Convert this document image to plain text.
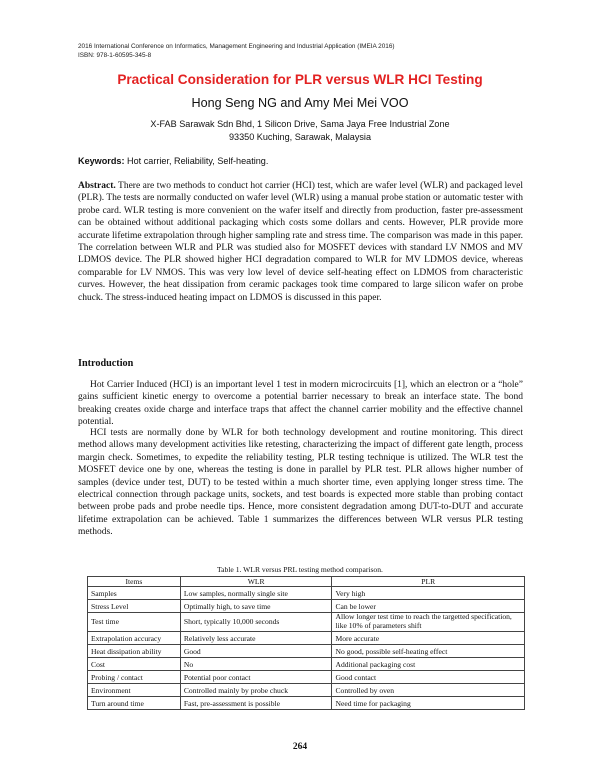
2016 International Conference on Informatics, Management Engineering and Industrial Application (IMEIA 2016)
ISBN: 978-1-60595-345-8
Practical Consideration for PLR versus WLR HCI Testing
Hong Seng NG and Amy Mei Mei VOO
X-FAB Sarawak Sdn Bhd, 1 Silicon Drive, Sama Jaya Free Industrial Zone
93350 Kuching, Sarawak, Malaysia
Keywords: Hot carrier, Reliability, Self-heating.
Abstract. There are two methods to conduct hot carrier (HCI) test, which are wafer level (WLR) and packaged level (PLR). The tests are normally conducted on wafer level (WLR) using a manual probe station or automatic tester with probe card. WLR testing is more convenient on the wafer itself and directly from production, faster pre-assessment can be obtained without additional packaging which costs some dollars and cents. However, PLR provide more accurate lifetime extrapolation through higher sampling rate and stress time. The comparison was made in this paper. The correlation between WLR and PLR was studied also for MOSFET devices with standard LV NMOS and MV LDMOS device. The PLR showed higher HCI degradation compared to WLR for MV LDMOS device, whereas comparable for LV NMOS. This was very low level of device self-heating effect on LDMOS from characteristic curves. However, the heat dissipation from ceramic packages took time compared to large silicon wafer on probe chuck. The stress-induced heating impact on LDMOS is discussed in this paper.
Introduction
Hot Carrier Induced (HCI) is an important level 1 test in modern microcircuits [1], which an electron or a “hole” gains sufficient kinetic energy to overcome a potential barrier necessary to break an interface state. The bond breaking creates oxide charge and interface traps that affect the channel carrier mobility and the effective channel potential.
HCI tests are normally done by WLR for both technology development and routine monitoring. This direct method allows many development activities like retesting, characterizing the impact of different gate length, process margin check. Sometimes, to expedite the reliability testing, PLR testing technique is utilized. The WLR test the MOSFET device one by one, whereas the testing is done in parallel by PLR test. PLR allows higher number of samples (device under test, DUT) to be tested within a much shorter time, even applying longer stress time. The electrical connection through package units, sockets, and test boards is expected more stable than probing contact between probe pads and probe needle tips. Hence, more consistent degradation among DUT-to-DUT and accurate lifetime extrapolation can be achieved. Table 1 summarizes the differences between WLR versus PLR testing methods.
Table 1. WLR versus PRL testing method comparison.
Items	WLR	PLR
Samples	Low samples, normally single site	Very high
Stress Level	Optimally high, to save time	Can be lower
Test time	Short, typically 10,000 seconds	Allow longer test time to reach the targetted specification, like 10% of parameters shift
Extrapolation accuracy	Relatively less accurate	More accurate
Heat dissipation ability	Good	No good, possible self-heating effect
Cost	No	Additional packaging cost
Probing / contact	Potential poor contact	Good contact
Environment	Controlled mainly by probe chuck	Controlled by oven
Turn around time	Fast, pre-assessment is possible	Need time for packaging
264
